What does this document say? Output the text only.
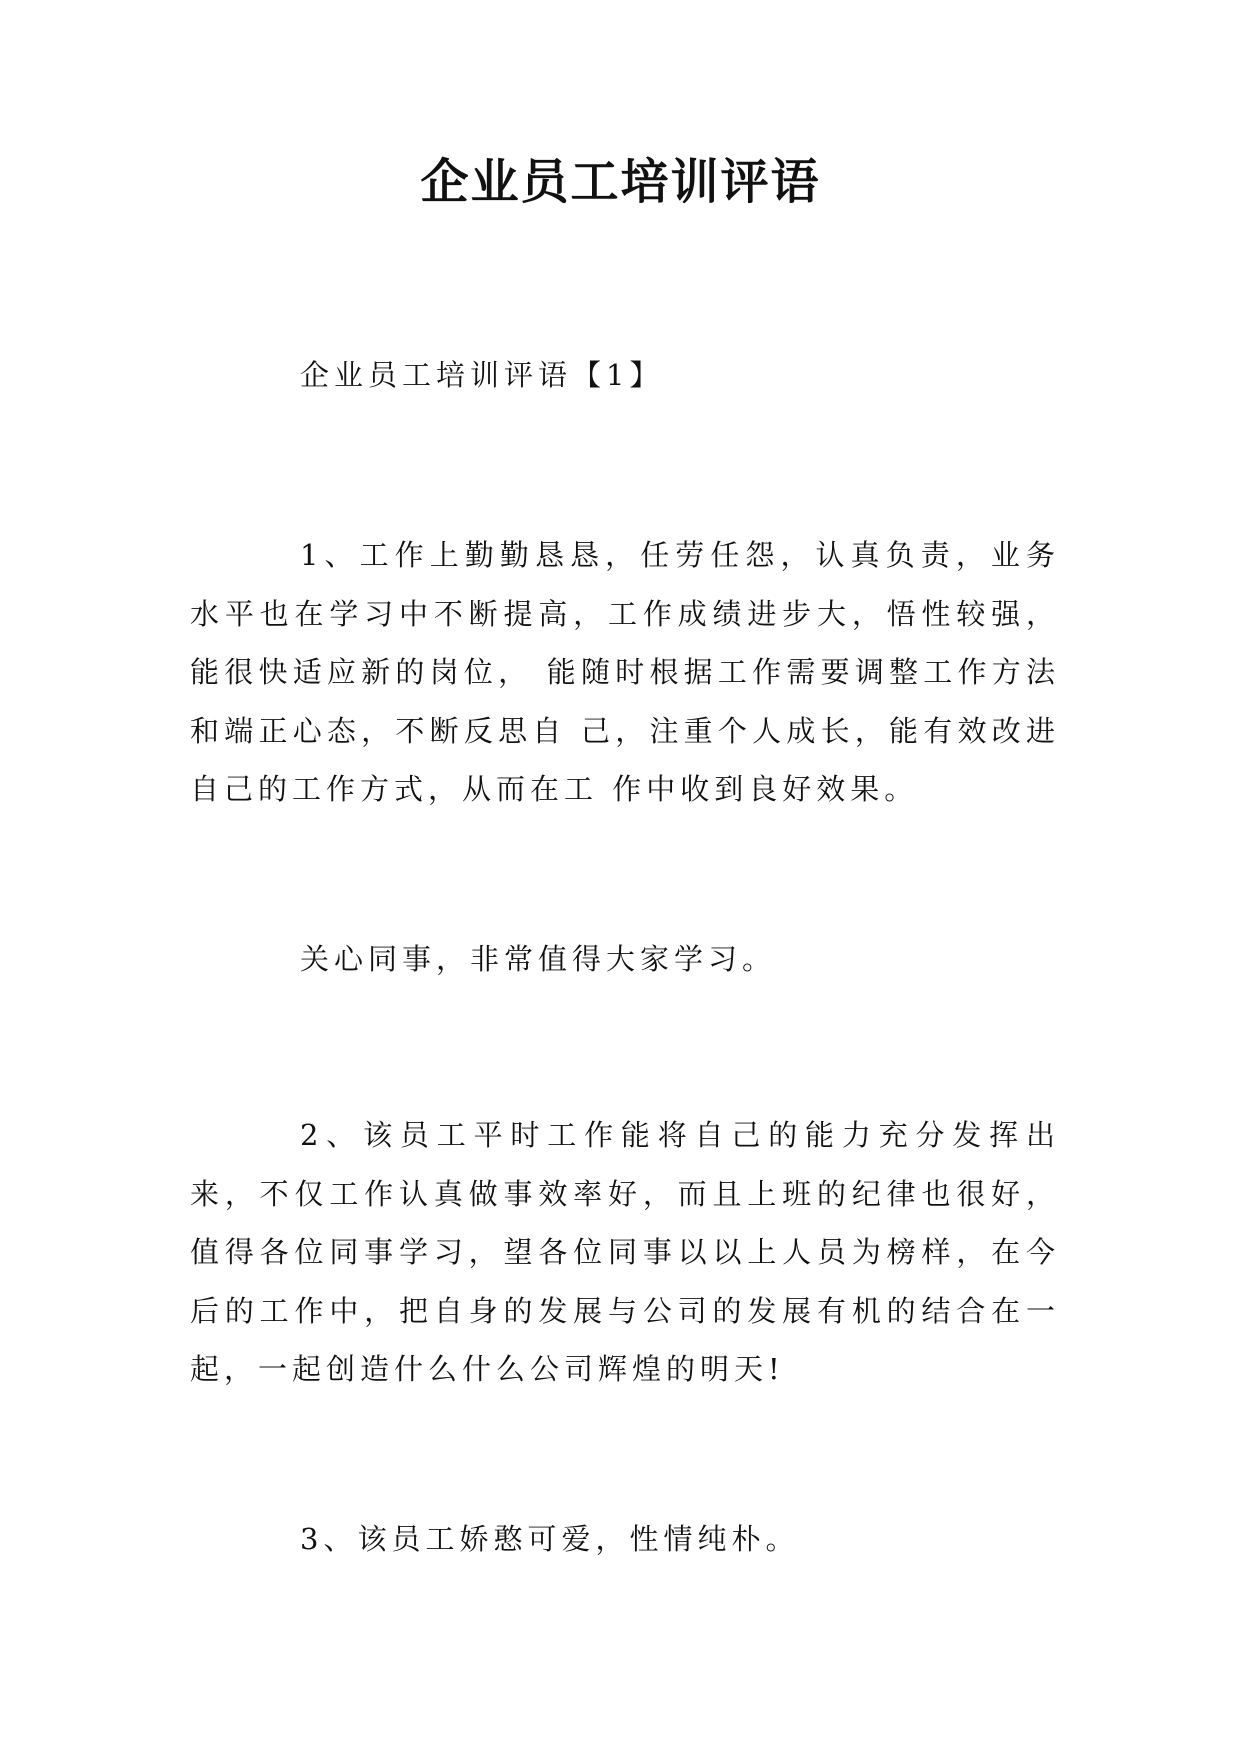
企业员工培训评语

企业员工培训评语【1】

1、工作上勤勤恳恳，任劳任怨，认真负责，业务水平也在学习中不断提高，工作成绩进步大，悟性较强，能很快适应新的岗位， 能随时根据工作需要调整工作方法和端正心态，不断反思自 己，注重个人成长，能有效改进自己的工作方式，从而在工 作中收到良好效果。

关心同事，非常值得大家学习。

2、该员工平时工作能将自己的能力充分发挥出来，不仅工作认真做事效率好，而且上班的纪律也很好，值得各位同事学习，望各位同事以以上人员为榜样，在今后的工作中，把自身的发展与公司的发展有机的结合在一起，一起创造什么什么公司辉煌的明天!

3、该员工娇憨可爱，性情纯朴。
